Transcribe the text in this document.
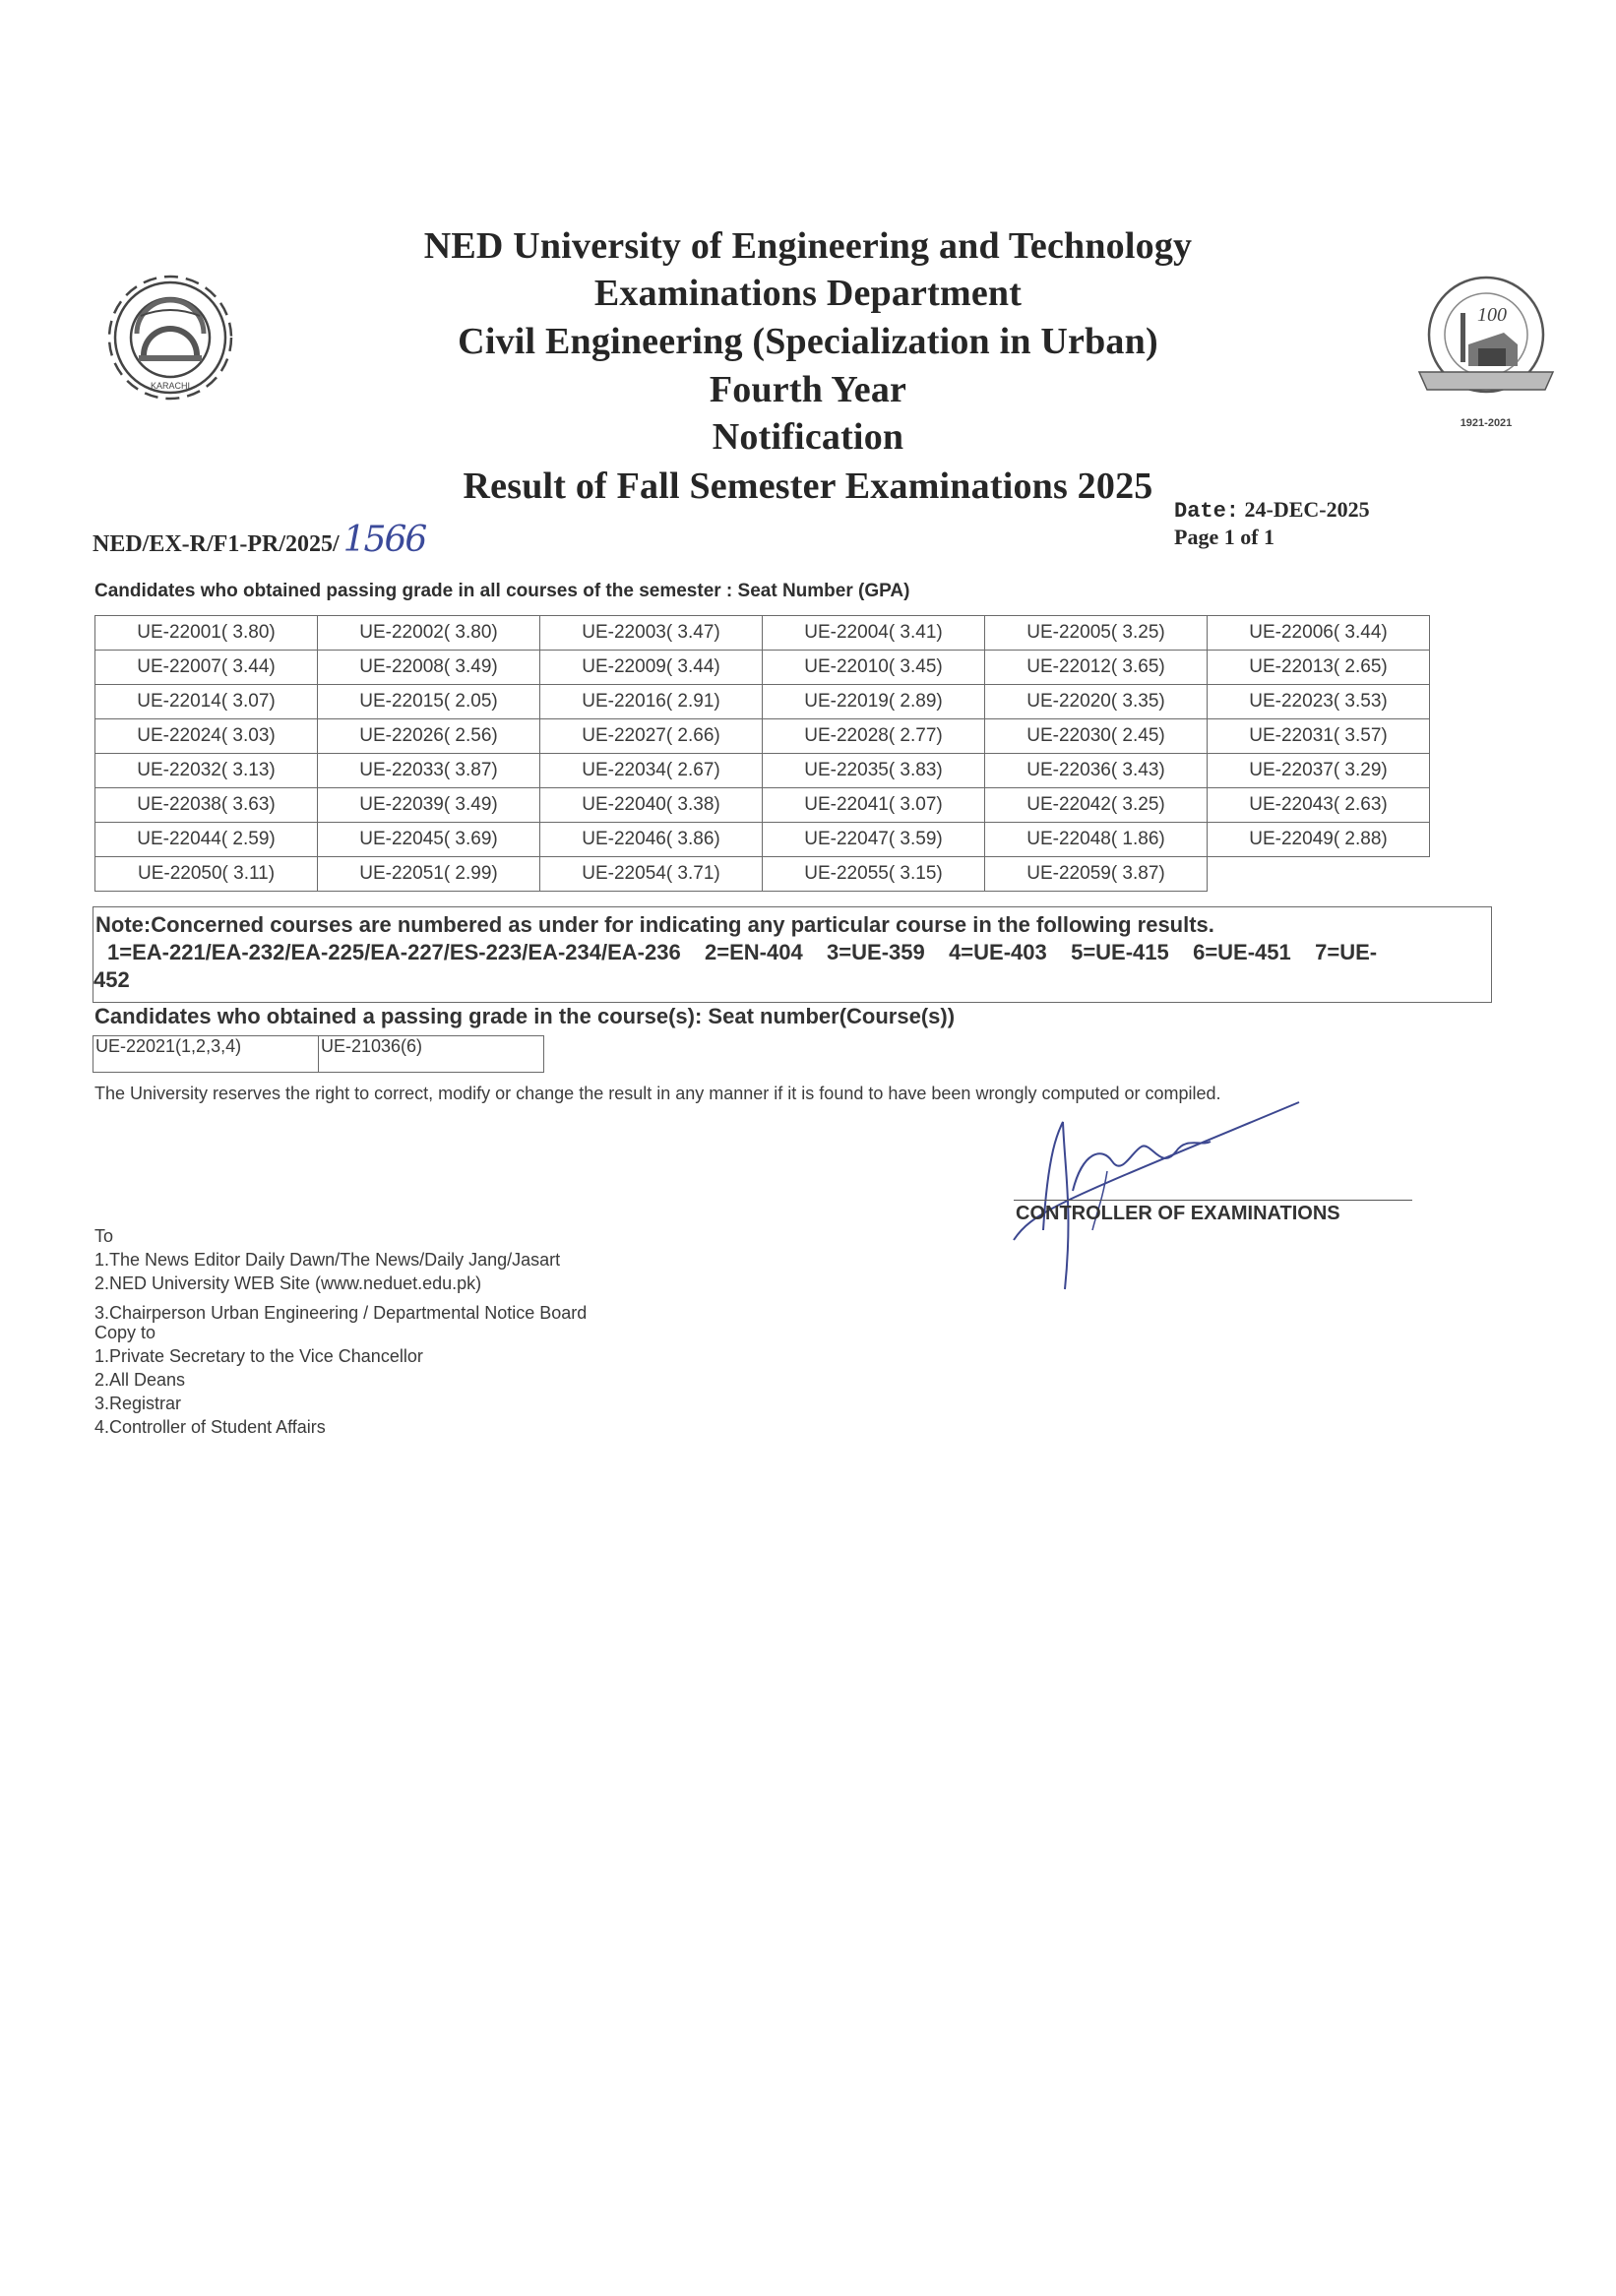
KARACHI
100
1921-2021
NED University of Engineering and Technology
Examinations Department
Civil Engineering (Specialization in Urban)
Fourth Year
Notification
Result of Fall Semester Examinations 2025
NED/EX-R/F1-PR/2025/ 1566
Date: 24-DEC-2025
Page 1 of 1
Candidates who obtained passing grade in all courses of the semester : Seat Number (GPA)
UE-22001( 3.80)	UE-22002( 3.80)	UE-22003( 3.47)	UE-22004( 3.41)	UE-22005( 3.25)	UE-22006( 3.44)
UE-22007( 3.44)	UE-22008( 3.49)	UE-22009( 3.44)	UE-22010( 3.45)	UE-22012( 3.65)	UE-22013( 2.65)
UE-22014( 3.07)	UE-22015( 2.05)	UE-22016( 2.91)	UE-22019( 2.89)	UE-22020( 3.35)	UE-22023( 3.53)
UE-22024( 3.03)	UE-22026( 2.56)	UE-22027( 2.66)	UE-22028( 2.77)	UE-22030( 2.45)	UE-22031( 3.57)
UE-22032( 3.13)	UE-22033( 3.87)	UE-22034( 2.67)	UE-22035( 3.83)	UE-22036( 3.43)	UE-22037( 3.29)
UE-22038( 3.63)	UE-22039( 3.49)	UE-22040( 3.38)	UE-22041( 3.07)	UE-22042( 3.25)	UE-22043( 2.63)
UE-22044( 2.59)	UE-22045( 3.69)	UE-22046( 3.86)	UE-22047( 3.59)	UE-22048( 1.86)	UE-22049( 2.88)
UE-22050( 3.11)	UE-22051( 2.99)	UE-22054( 3.71)	UE-22055( 3.15)	UE-22059( 3.87)	
Note:Concerned courses are numbered as under for indicating any particular course in the following results.
1=EA-221/EA-232/EA-225/EA-227/ES-223/EA-234/EA-236   2=EN-404   3=UE-359   4=UE-403   5=UE-415   6=UE-451   7=UE-
452
Candidates who obtained a passing grade in the course(s): Seat number(Course(s))
UE-22021(1,2,3,4)	UE-21036(6)
The University reserves the right to correct, modify or change the result in any manner if it is found to have been wrongly computed or compiled.
CONTROLLER OF EXAMINATIONS
To
1.The News Editor Daily Dawn/The News/Daily Jang/Jasart
2.NED University WEB Site (www.neduet.edu.pk)
3.Chairperson Urban Engineering / Departmental Notice Board
Copy to
1.Private Secretary to the Vice Chancellor
2.All Deans
3.Registrar
4.Controller of Student Affairs
